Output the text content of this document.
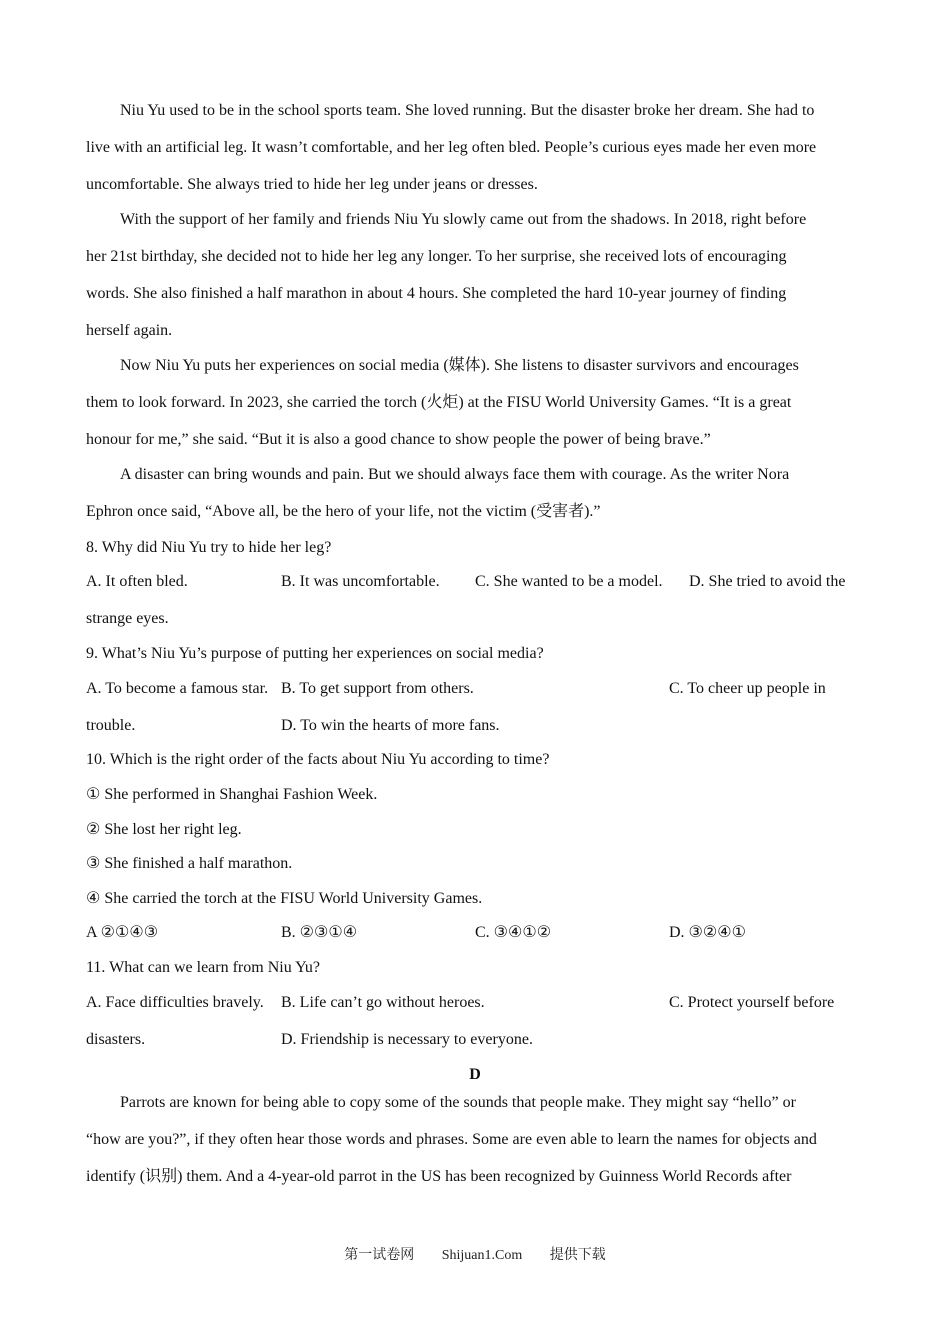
Niu Yu used to be in the school sports team. She loved running. But the disaster broke her dream. She had to

live with an artificial leg. It wasn’t comfortable, and her leg often bled. People’s curious eyes made her even more

uncomfortable. She always tried to hide her leg under jeans or dresses.

With the support of her family and friends Niu Yu slowly came out from the shadows. In 2018, right before

her 21st birthday, she decided not to hide her leg any longer. To her surprise, she received lots of encouraging

words. She also finished a half marathon in about 4 hours. She completed the hard 10-year journey of finding

herself again.

Now Niu Yu puts her experiences on social media (媒体). She listens to disaster survivors and encourages

them to look forward. In 2023, she carried the torch (火炬) at the FISU World University Games. “It is a great

honour for me,” she said. “But it is also a good chance to show people the power of being brave.”

A disaster can bring wounds and pain. But we should always face them with courage. As the writer Nora

Ephron once said, “Above all, be the hero of your life, not the victim (受害者).”

8. Why did Niu Yu try to hide her leg?

A. It often bled.	B. It was uncomfortable. C. She wanted to be a model. D. She tried to avoid the
strange eyes.

9. What’s Niu Yu’s purpose of putting her experiences on social media?

A. To become a famous star. B. To get support from others.	C. To cheer up people in
trouble.	D. To win the hearts of more fans.

10. Which is the right order of the facts about Niu Yu according to time?

① She performed in Shanghai Fashion Week.

② She lost her right leg.

③ She finished a half marathon.

④ She carried the torch at the FISU World University Games.

A ②①④③	B. ②③①④	C. ③④①②	D. ③②④①

11. What can we learn from Niu Yu?

A. Face difficulties bravely. B. Life can’t go without heroes.	C. Protect yourself before
disasters.	D. Friendship is necessary to everyone.
D

Parrots are known for being able to copy some of the sounds that people make. They might say “hello” or

“how are you?”, if they often hear those words and phrases. Some are even able to learn the names for objects and

identify (识别) them. And a 4-year-old parrot in the US has been recognized by Guinness World Records after

第一试卷网 Shijuan1.Com 提供下载
